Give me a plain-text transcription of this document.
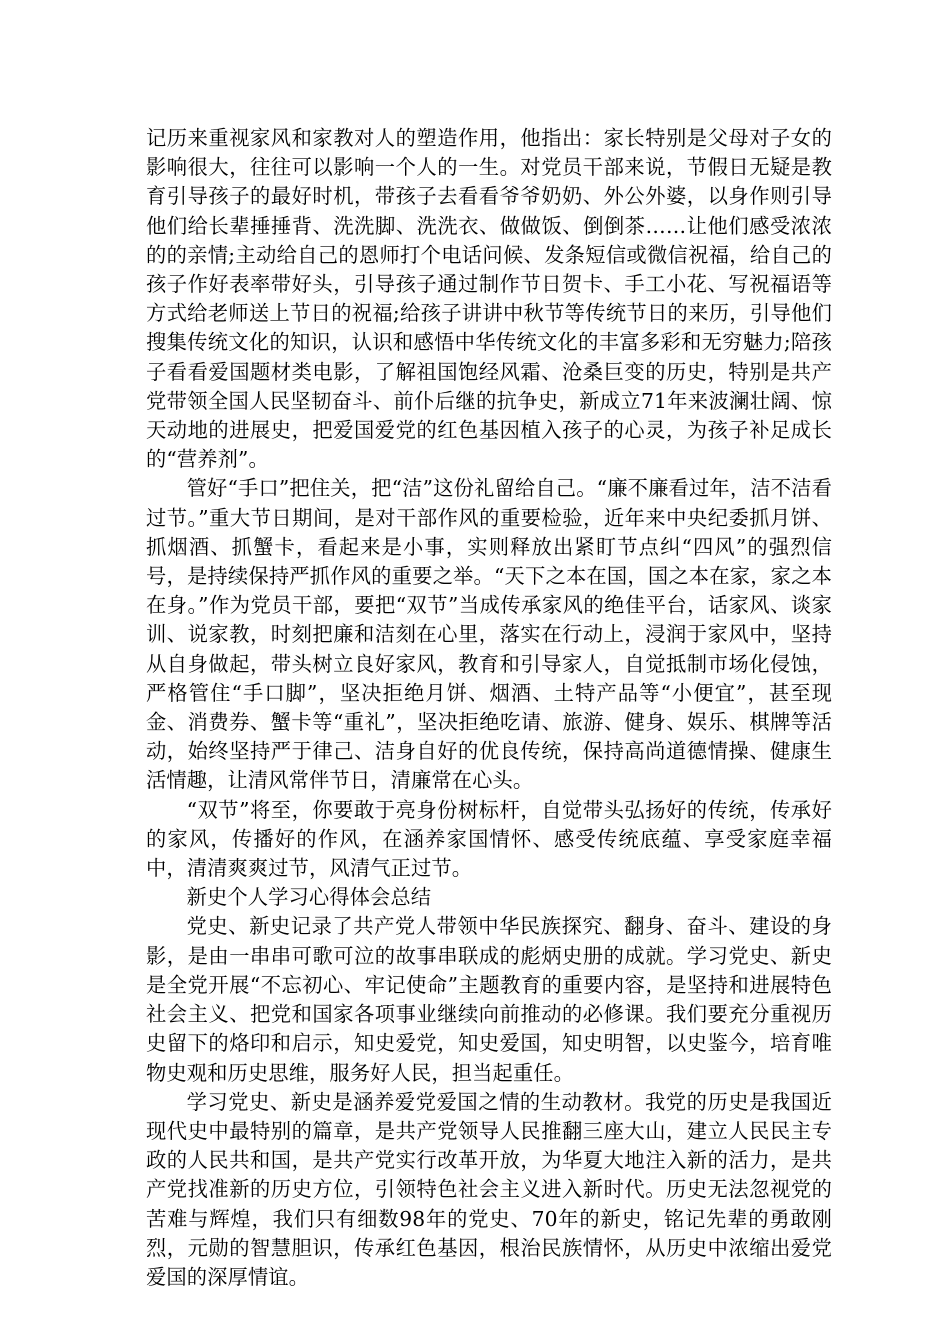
记历来重视家风和家教对人的塑造作用，他指出：家长特别是父母对子女的影响很大，往往可以影响一个人的一生。对党员干部来说，节假日无疑是教育引导孩子的最好时机，带孩子去看看爷爷奶奶、外公外婆，以身作则引导他们给长辈捶捶背、洗洗脚、洗洗衣、做做饭、倒倒茶……让他们感受浓浓的的亲情;主动给自己的恩师打个电话问候、发条短信或微信祝福，给自己的孩子作好表率带好头，引导孩子通过制作节日贺卡、手工小花、写祝福语等方式给老师送上节日的祝福;给孩子讲讲中秋节等传统节日的来历，引导他们搜集传统文化的知识，认识和感悟中华传统文化的丰富多彩和无穷魅力;陪孩子看看爱国题材类电影，了解祖国饱经风霜、沧桑巨变的历史，特别是共产党带领全国人民坚韧奋斗、前仆后继的抗争史，新成立71年来波澜壮阔、惊天动地的进展史，把爱国爱党的红色基因植入孩子的心灵，为孩子补足成长的“营养剂”。

管好“手口”把住关，把“洁”这份礼留给自己。“廉不廉看过年，洁不洁看过节。”重大节日期间，是对干部作风的重要检验，近年来中央纪委抓月饼、抓烟酒、抓蟹卡，看起来是小事，实则释放出紧盯节点纠“四风”的强烈信号，是持续保持严抓作风的重要之举。“天下之本在国，国之本在家，家之本在身。”作为党员干部，要把“双节”当成传承家风的绝佳平台，话家风、谈家训、说家教，时刻把廉和洁刻在心里，落实在行动上，浸润于家风中，坚持从自身做起，带头树立良好家风，教育和引导家人，自觉抵制市场化侵蚀，严格管住“手口脚”，坚决拒绝月饼、烟酒、土特产品等“小便宜”，甚至现金、消费券、蟹卡等“重礼”，坚决拒绝吃请、旅游、健身、娱乐、棋牌等活动，始终坚持严于律己、洁身自好的优良传统，保持高尚道德情操、健康生活情趣，让清风常伴节日，清廉常在心头。

“双节”将至，你要敢于亮身份树标杆，自觉带头弘扬好的传统，传承好的家风，传播好的作风，在涵养家国情怀、感受传统底蕴、享受家庭幸福中，清清爽爽过节，风清气正过节。

新史个人学习心得体会总结

党史、新史记录了共产党人带领中华民族探究、翻身、奋斗、建设的身影，是由一串串可歌可泣的故事串联成的彪炳史册的成就。学习党史、新史是全党开展“不忘初心、牢记使命”主题教育的重要内容，是坚持和进展特色社会主义、把党和国家各项事业继续向前推动的必修课。我们要充分重视历史留下的烙印和启示，知史爱党，知史爱国，知史明智，以史鉴今，培育唯物史观和历史思维，服务好人民，担当起重任。

学习党史、新史是涵养爱党爱国之情的生动教材。我党的历史是我国近现代史中最特别的篇章，是共产党领导人民推翻三座大山，建立人民民主专政的人民共和国，是共产党实行改革开放，为华夏大地注入新的活力，是共产党找准新的历史方位，引领特色社会主义进入新时代。历史无法忽视党的苦难与辉煌，我们只有细数98年的党史、70年的新史，铭记先辈的勇敢刚烈，元勋的智慧胆识，传承红色基因，根治民族情怀，从历史中浓缩出爱党爱国的深厚情谊。
